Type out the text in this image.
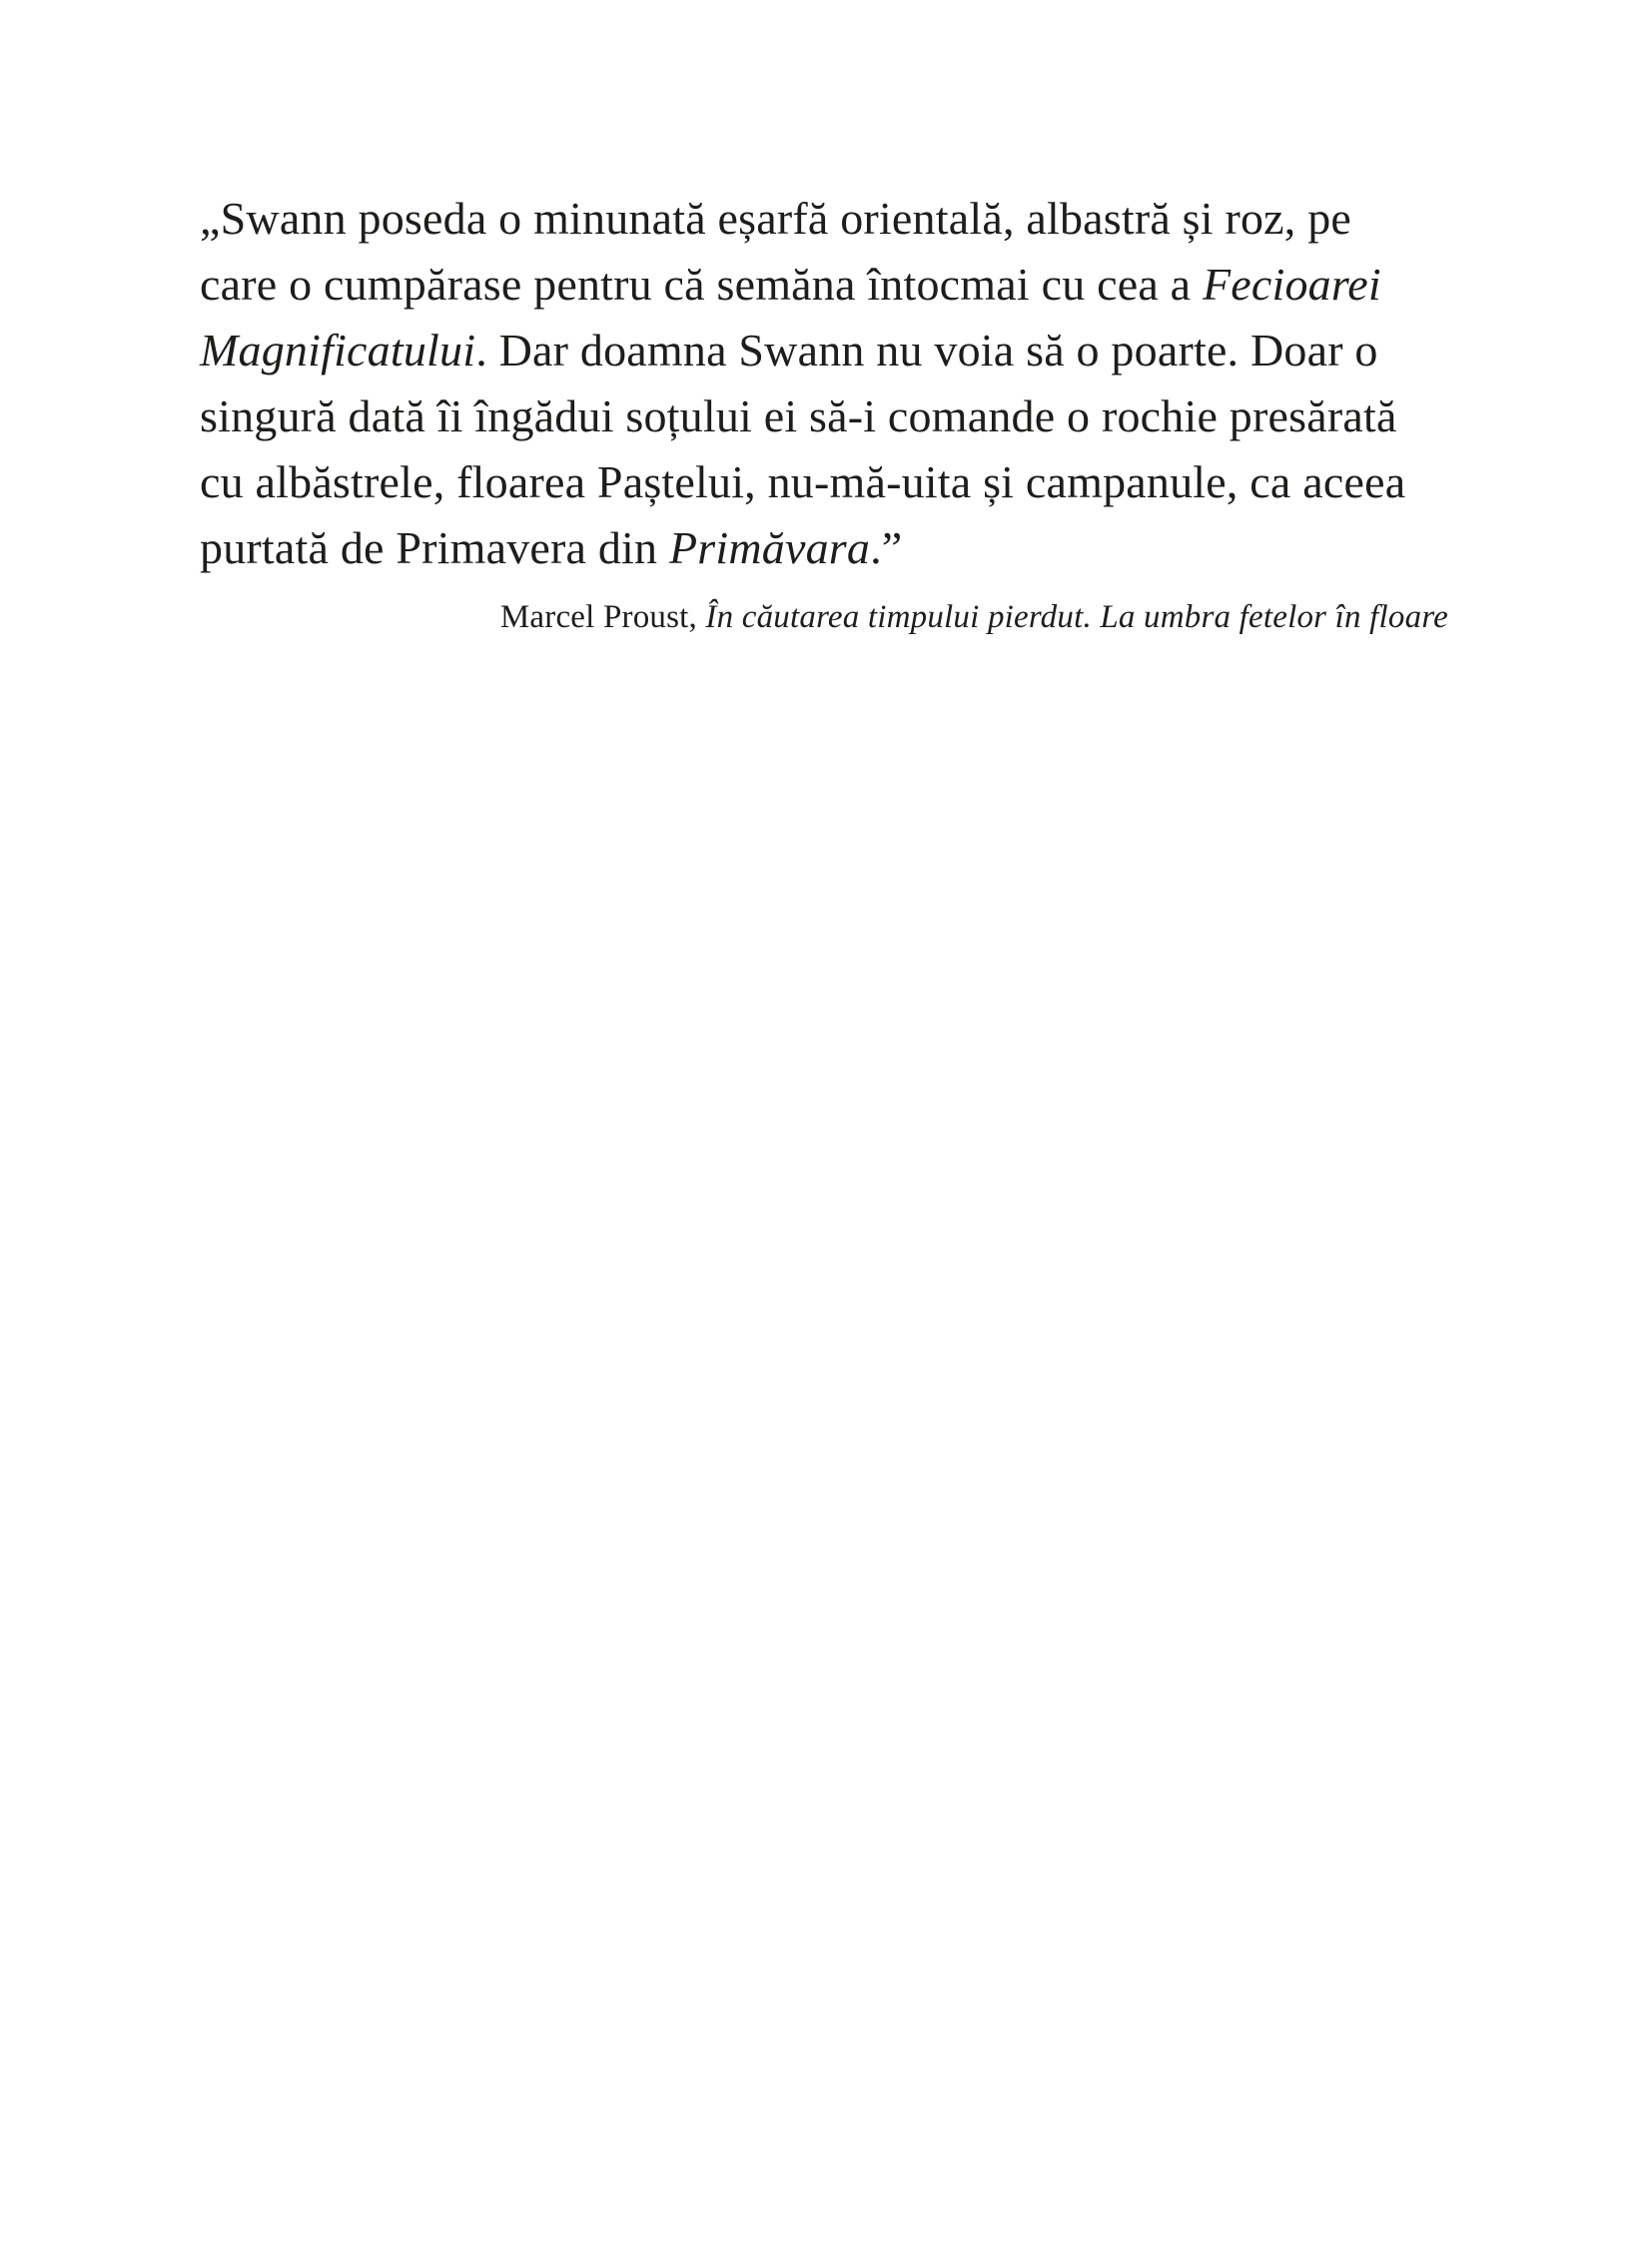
„Swann poseda o minunată eșarfă orientală, albastră și roz, pe
care o cumpărase pentru că semăna întocmai cu cea a Fecioarei
Magnificatului. Dar doamna Swann nu voia să o poarte. Doar o
singură dată îi îngădui soțului ei să-i comande o rochie presărată
cu albăstrele, floarea Paștelui, nu-mă-uita și campanule, ca aceea
purtată de Primavera din Primăvara.”
Marcel Proust, În căutarea timpului pierdut. La umbra fetelor în floare
